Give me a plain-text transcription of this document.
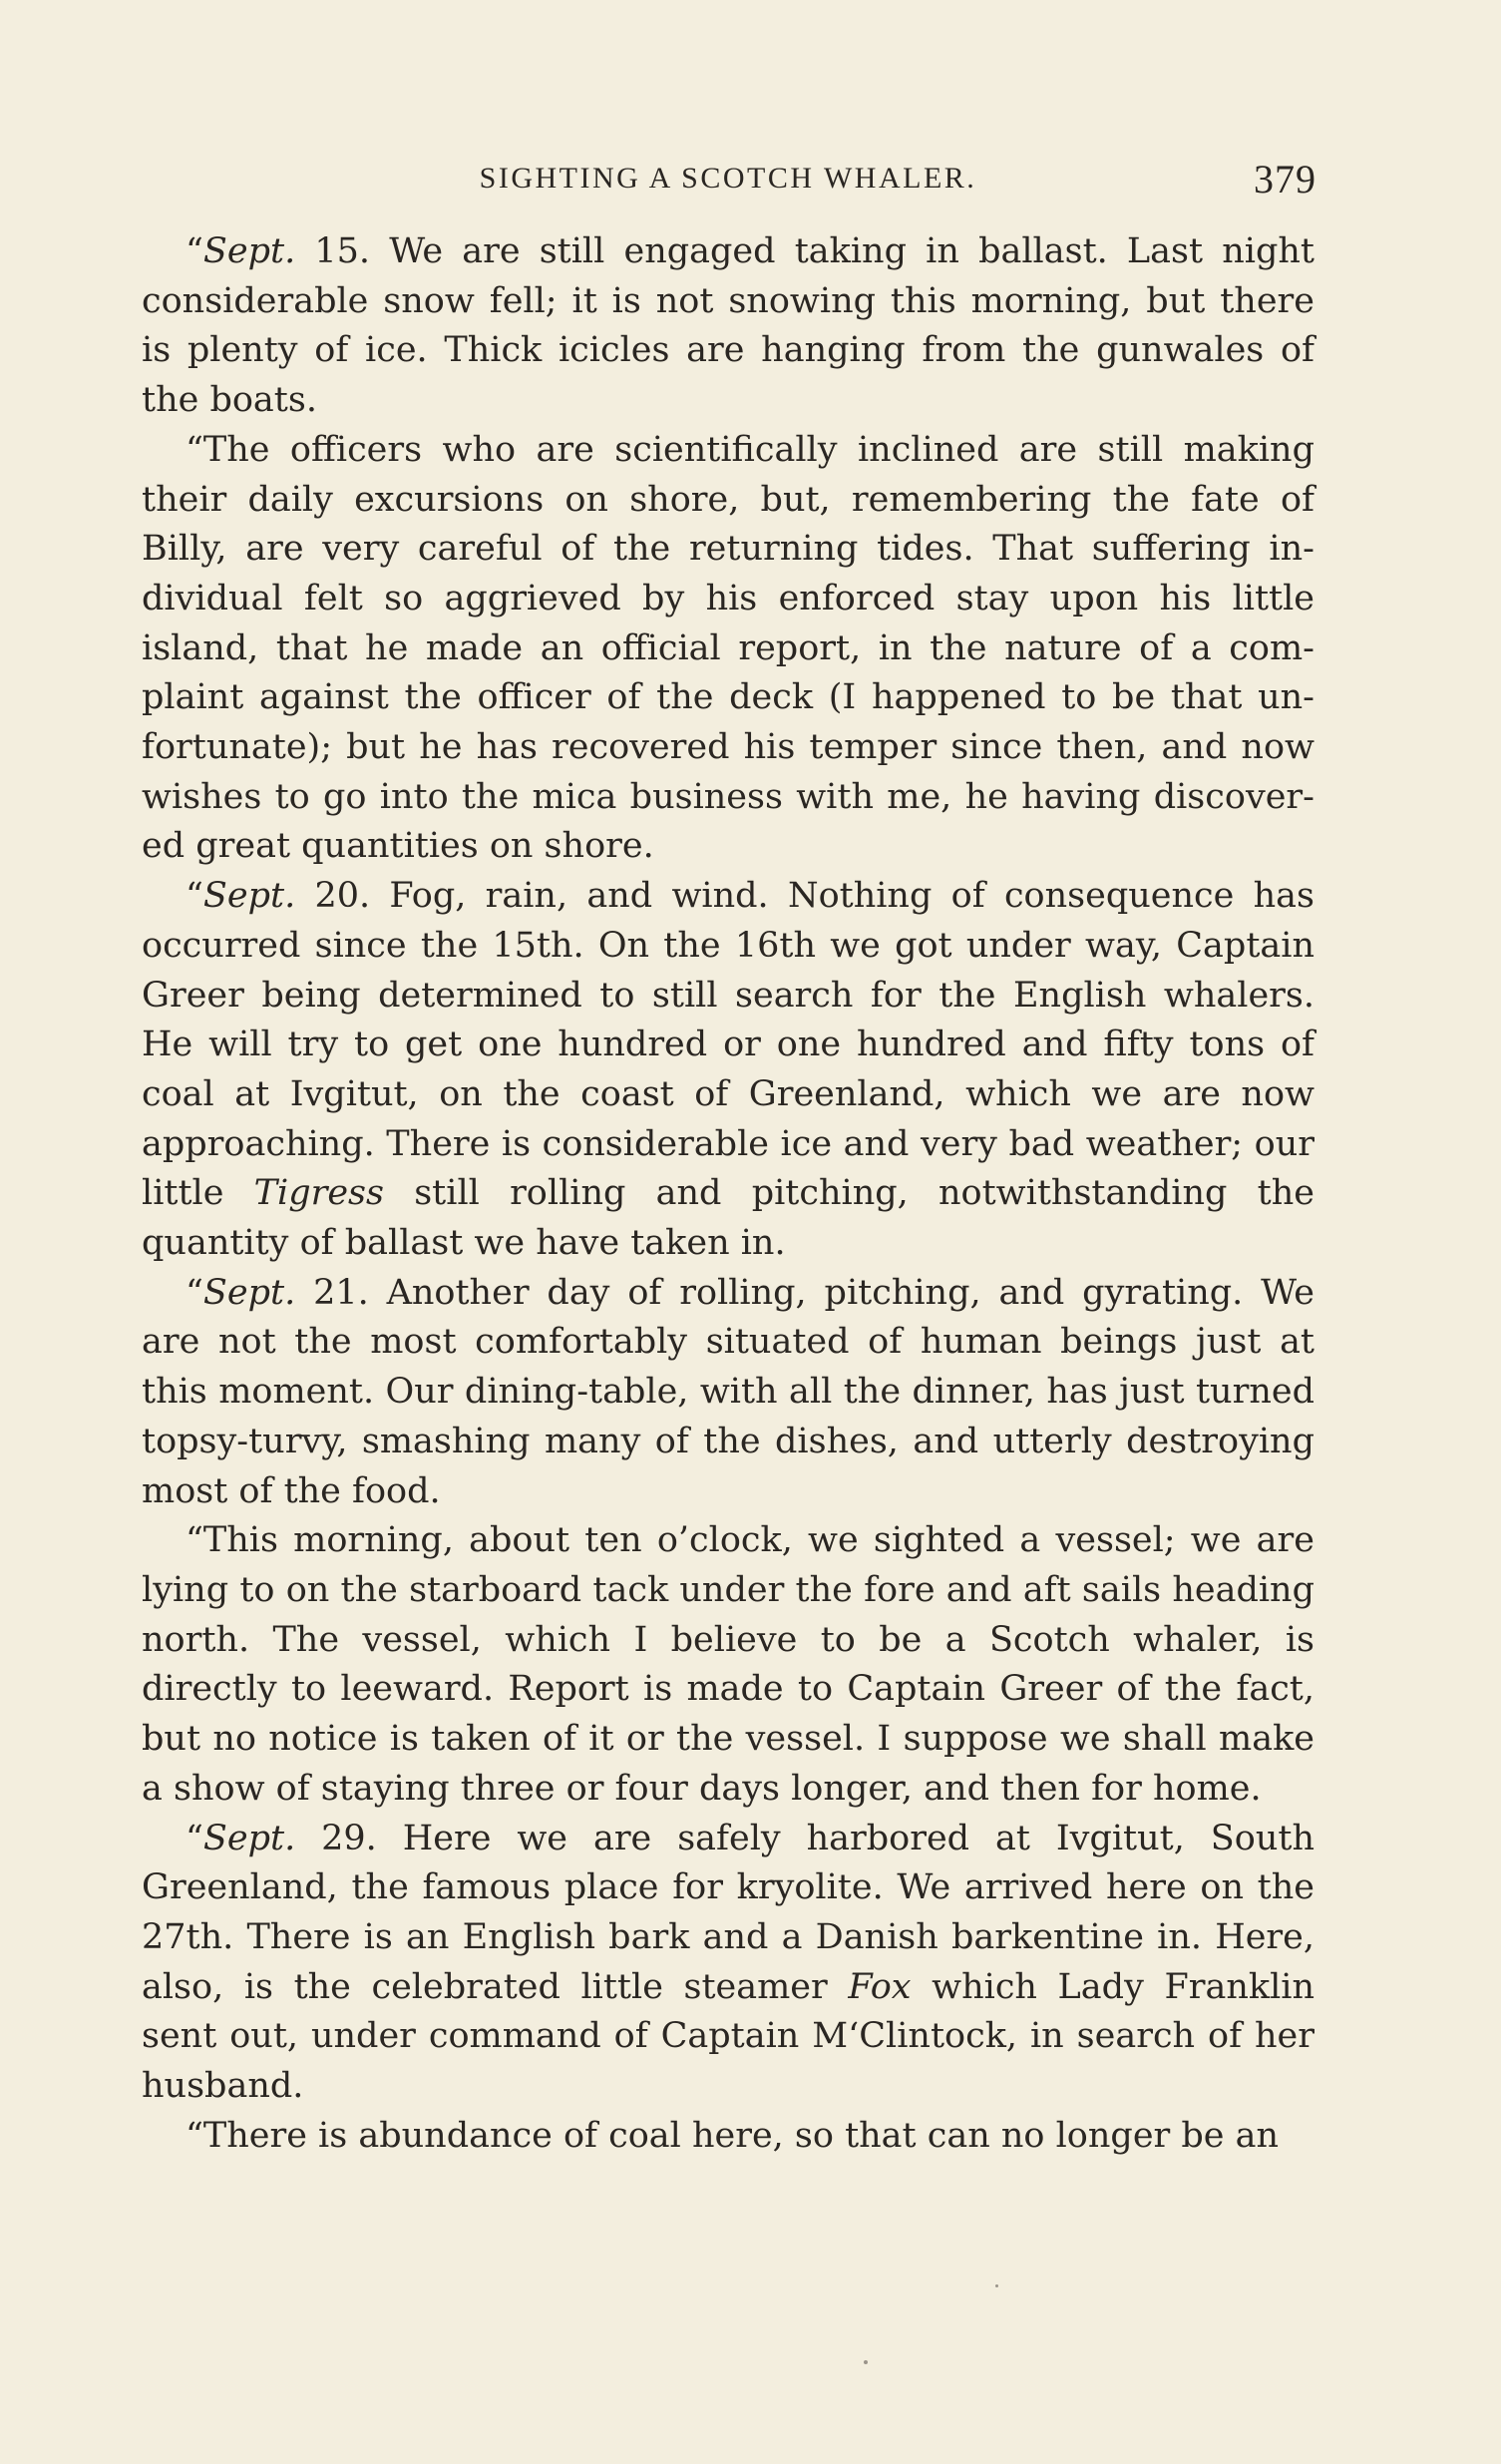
SIGHTING A SCOTCH WHALER.	379

“Sept. 15. We are still engaged taking in ballast. Last night considerable snow fell; it is not snowing this morning, but there is plenty of ice. Thick icicles are hanging from the gunwales of the boats.

“The officers who are scientifically inclined are still making their daily excursions on shore, but, remembering the fate of Billy, are very careful of the returning tides. That suffering individual felt so aggrieved by his enforced stay upon his little island, that he made an official report, in the nature of a complaint against the officer of the deck (I happened to be that unfortunate); but he has recovered his temper since then, and now wishes to go into the mica business with me, he having discovered great quantities on shore.

“Sept. 20. Fog, rain, and wind. Nothing of consequence has occurred since the 15th. On the 16th we got under way, Captain Greer being determined to still search for the English whalers. He will try to get one hundred or one hundred and fifty tons of coal at Ivgitut, on the coast of Greenland, which we are now approaching. There is considerable ice and very bad weather; our little Tigress still rolling and pitching, notwithstanding the quantity of ballast we have taken in.

“Sept. 21. Another day of rolling, pitching, and gyrating. We are not the most comfortably situated of human beings just at this moment. Our dining-table, with all the dinner, has just turned topsy-turvy, smashing many of the dishes, and utterly destroying most of the food.

“This morning, about ten o’clock, we sighted a vessel; we are lying to on the starboard tack under the fore and aft sails heading north. The vessel, which I believe to be a Scotch whaler, is directly to leeward. Report is made to Captain Greer of the fact, but no notice is taken of it or the vessel. I suppose we shall make a show of staying three or four days longer, and then for home.

“Sept. 29. Here we are safely harbored at Ivgitut, South Greenland, the famous place for kryolite. We arrived here on the 27th. There is an English bark and a Danish barkentine in. Here, also, is the celebrated little steamer Fox which Lady Franklin sent out, under command of Captain M‘Clintock, in search of her husband.

“There is abundance of coal here, so that can no longer be an
